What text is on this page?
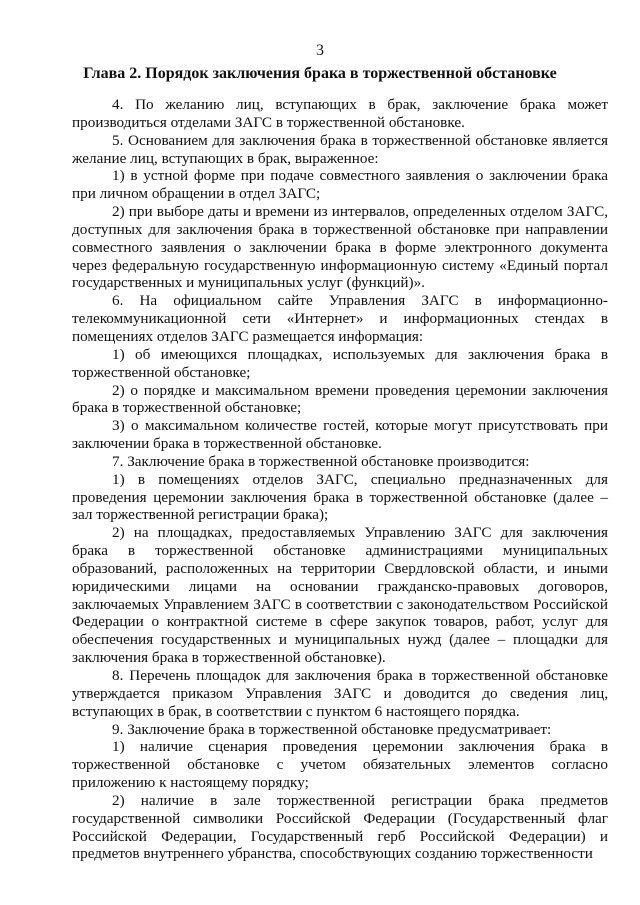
3
Глава 2. Порядок заключения брака в торжественной обстановке

4. По желанию лиц, вступающих в брак, заключение брака может производиться отделами ЗАГС в торжественной обстановке.

5. Основанием для заключения брака в торжественной обстановке является желание лиц, вступающих в брак, выраженное:

1) в устной форме при подаче совместного заявления о заключении брака при личном обращении в отдел ЗАГС;

2) при выборе даты и времени из интервалов, определенных отделом ЗАГС, доступных для заключения брака в торжественной обстановке при направлении совместного заявления о заключении брака в форме электронного документа через федеральную государственную информационную систему «Единый портал государственных и муниципальных услуг (функций)».

6. На официальном сайте Управления ЗАГС в информационно-телекоммуникационной сети «Интернет» и информационных стендах в помещениях отделов ЗАГС размещается информация:

1) об имеющихся площадках, используемых для заключения брака в торжественной обстановке;

2) о порядке и максимальном времени проведения церемонии заключения брака в торжественной обстановке;

3) о максимальном количестве гостей, которые могут присутствовать при заключении брака в торжественной обстановке.

7. Заключение брака в торжественной обстановке производится:

1) в помещениях отделов ЗАГС, специально предназначенных для проведения церемонии заключения брака в торжественной обстановке (далее – зал торжественной регистрации брака);

2) на площадках, предоставляемых Управлению ЗАГС для заключения брака в торжественной обстановке администрациями муниципальных образований, расположенных на территории Свердловской области, и иными юридическими лицами на основании гражданско-правовых договоров, заключаемых Управлением ЗАГС в соответствии с законодательством Российской Федерации о контрактной системе в сфере закупок товаров, работ, услуг для обеспечения государственных и муниципальных нужд (далее – площадки для заключения брака в торжественной обстановке).

8. Перечень площадок для заключения брака в торжественной обстановке утверждается приказом Управления ЗАГС и доводится до сведения лиц, вступающих в брак, в соответствии с пунктом 6 настоящего порядка.

9. Заключение брака в торжественной обстановке предусматривает:

1) наличие сценария проведения церемонии заключения брака в торжественной обстановке с учетом обязательных элементов согласно приложению к настоящему порядку;

2) наличие в зале торжественной регистрации брака предметов государственной символики Российской Федерации (Государственный флаг Российской Федерации, Государственный герб Российской Федерации) и предметов внутреннего убранства, способствующих созданию торжественности
